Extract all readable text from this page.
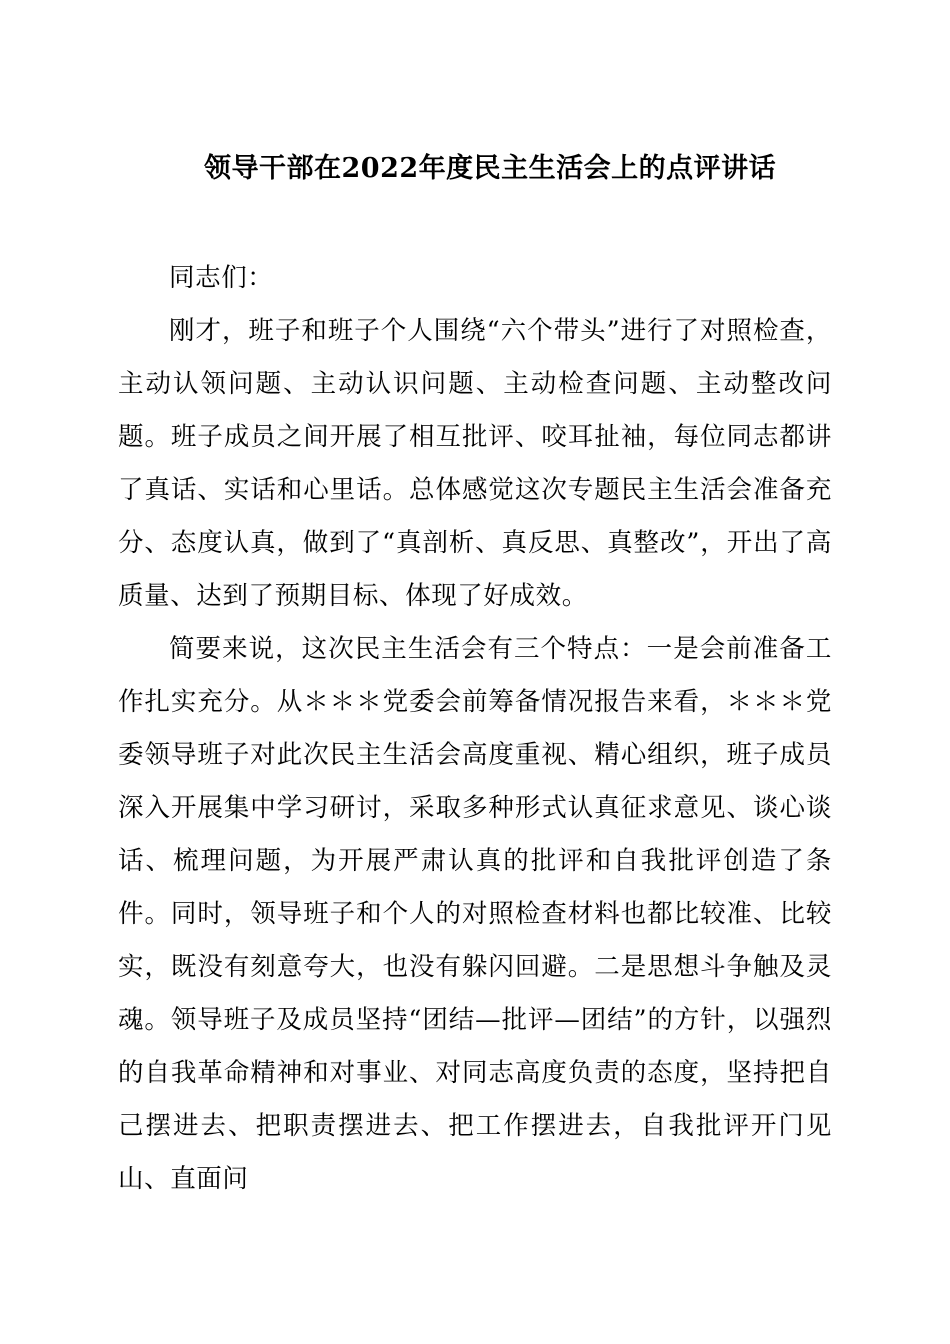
领导干部在2022年度民主生活会上的点评讲话

同志们：

刚才，班子和班子个人围绕“六个带头”进行了对照检查，主动认领问题、主动认识问题、主动检查问题、主动整改问题。班子成员之间开展了相互批评、咬耳扯袖，每位同志都讲了真话、实话和心里话。总体感觉这次专题民主生活会准备充分、态度认真，做到了“真剖析、真反思、真整改”，开出了高质量、达到了预期目标、体现了好成效。

简要来说，这次民主生活会有三个特点：一是会前准备工作扎实充分。从＊＊＊党委会前筹备情况报告来看，＊＊＊党委领导班子对此次民主生活会高度重视、精心组织，班子成员深入开展集中学习研讨，采取多种形式认真征求意见、谈心谈话、梳理问题，为开展严肃认真的批评和自我批评创造了条件。同时，领导班子和个人的对照检查材料也都比较准、比较实，既没有刻意夸大，也没有躲闪回避。二是思想斗争触及灵魂。领导班子及成员坚持“团结—批评—团结”的方针，以强烈的自我革命精神和对事业、对同志高度负责的态度，坚持把自己摆进去、把职责摆进去、把工作摆进去，自我批评开门见山、直面问
